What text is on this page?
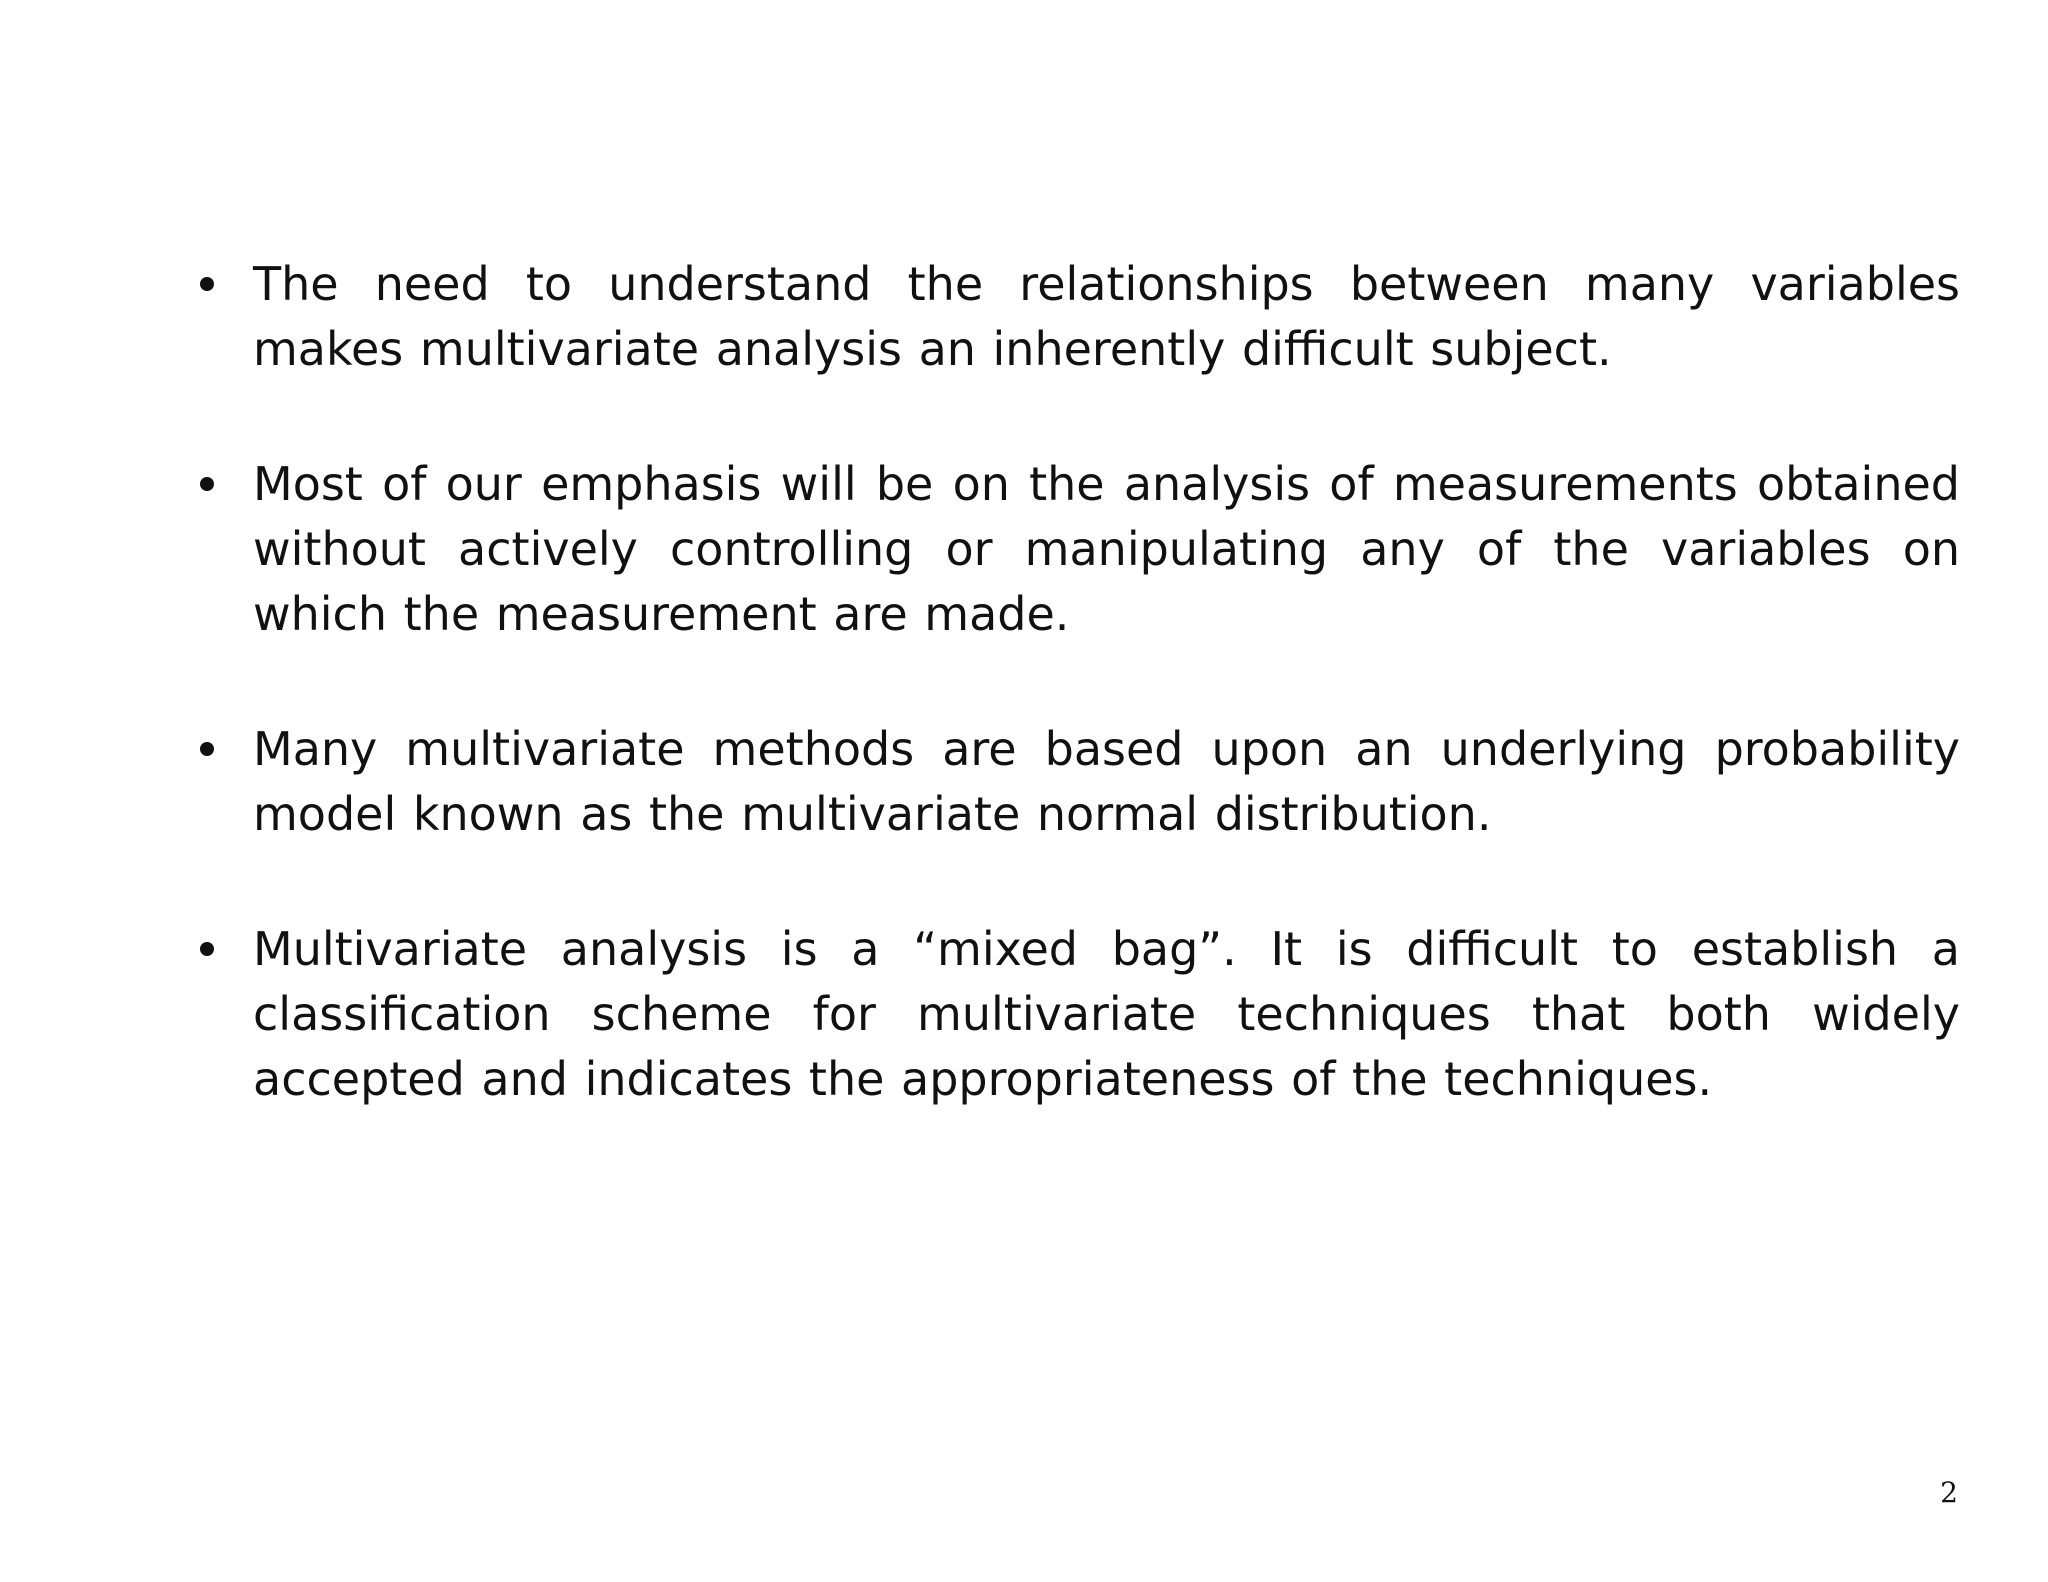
The need to understand the relationships between many variables makes multivariate analysis an inherently difficult subject.
Most of our emphasis will be on the analysis of measurements obtained without actively controlling or manipulating any of the variables on which the measurement are made.
Many multivariate methods are based upon an underlying probability model known as the multivariate normal distribution.
Multivariate analysis is a “mixed bag”. It is difficult to establish a classification scheme for multivariate techniques that both widely accepted and indicates the appropriateness of the techniques.
2
